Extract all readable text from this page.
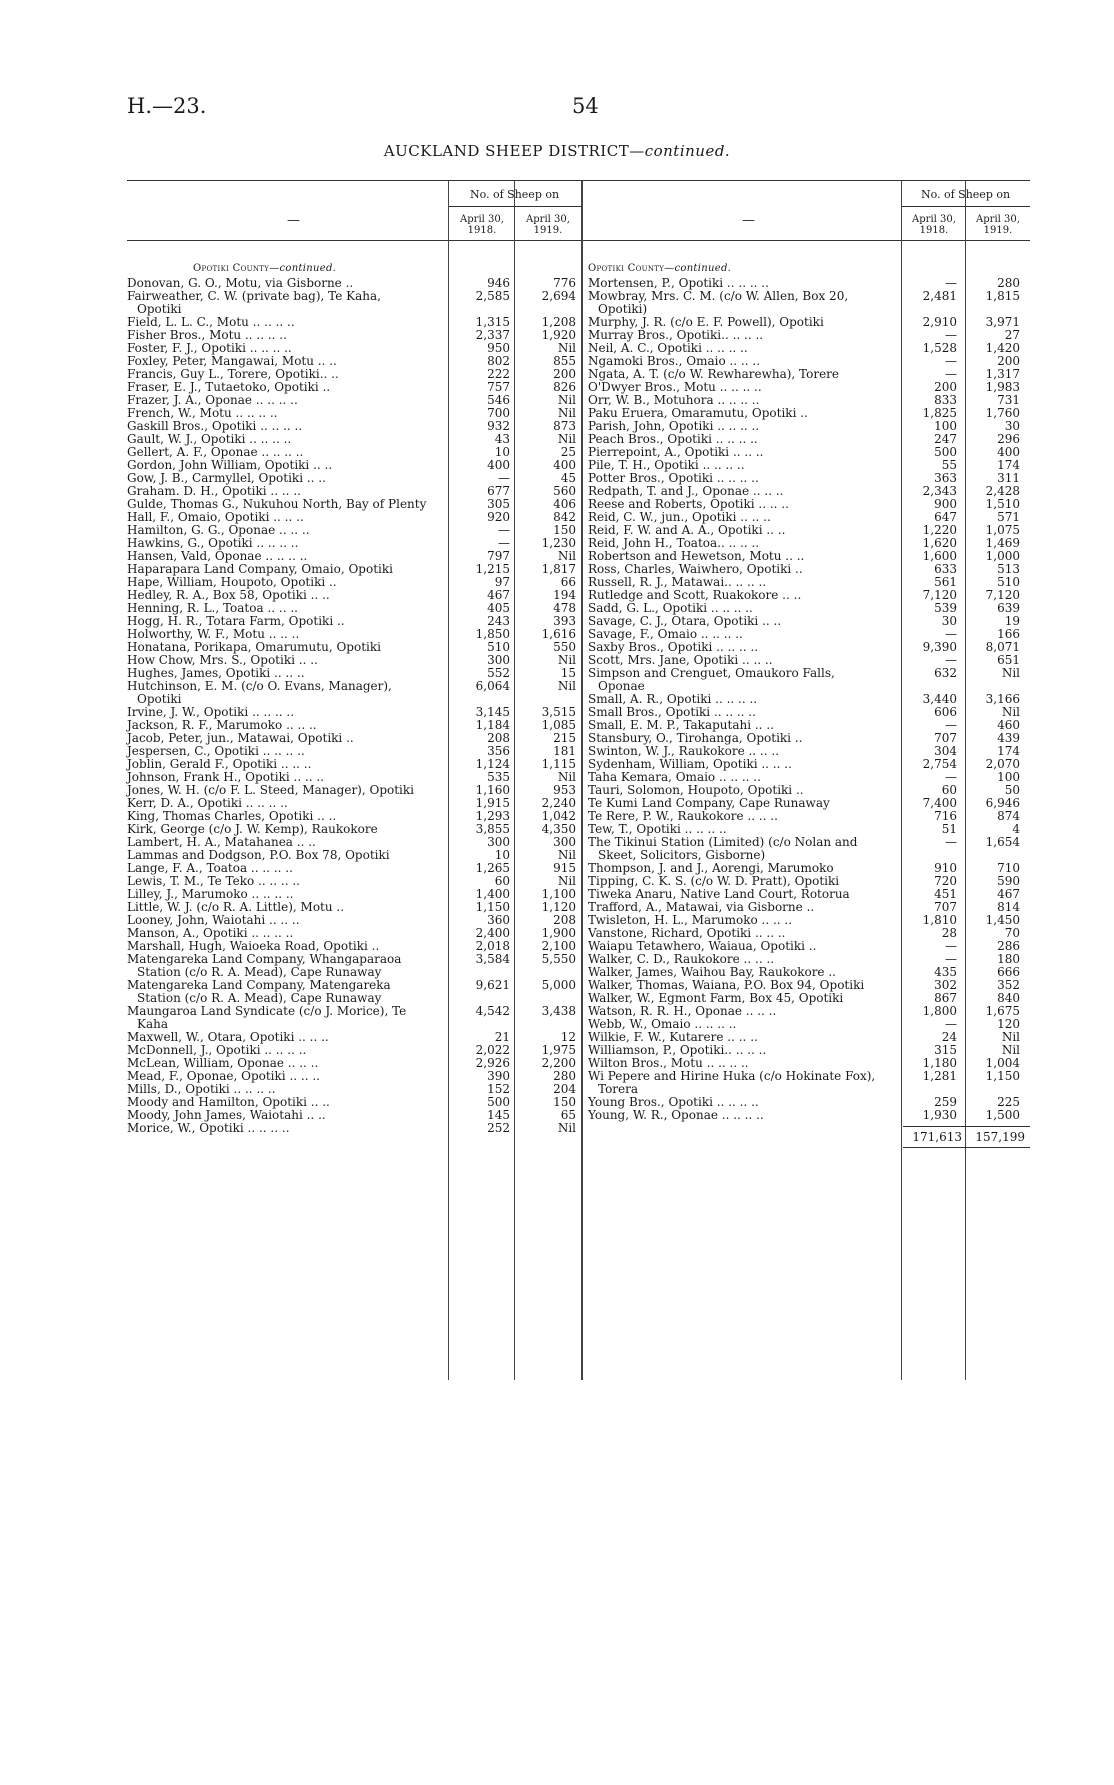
H.—23.	54
AUCKLAND SHEEP DISTRICT—continued.
—
No. of Sheep on
April 30, 1918.
April 30, 1919.
Opotiki County—continued.
Donovan, G. O., Motu, via Gisborne ..	946	776
Fairweather, C. W. (private bag), Te Kaha, Opotiki
2,585	2,694
Field, L. L. C., Motu .. .. .. ..	1,315	1,208
Fisher Bros., Motu .. .. .. ..	2,337	1,920
Foster, F. J., Opotiki .. .. .. ..	950	Nil
Foxley, Peter, Mangawai, Motu .. ..	802	855
Francis, Guy L., Torere, Opotiki.. ..	222	200
Fraser, E. J., Tutaetoko, Opotiki ..	757	826
Frazer, J. A., Oponae .. .. .. ..	546	Nil
French, W., Motu .. .. .. ..	700	Nil
Gaskill Bros., Opotiki .. .. .. ..	932	873
Gault, W. J., Opotiki .. .. .. ..	43	Nil
Gellert, A. F., Oponae .. .. .. ..	10	25
Gordon, John William, Opotiki .. ..	400	400
Gow, J. B., Carmyllel, Opotiki .. ..	—	45
Graham. D. H., Opotiki .. .. ..	677	560
Gulde, Thomas G., Nukuhou North, Bay of Plenty	305	406
Hall, F., Omaio, Opotiki .. .. ..	920	842
Hamilton, G. G., Oponae .. .. ..	—	150
Hawkins, G., Opotiki .. .. .. ..	—	1,230
Hansen, Vald, Oponae .. .. .. ..	797	Nil
Haparapara Land Company, Omaio, Opotiki	1,215	1,817
Hape, William, Houpoto, Opotiki ..	97	66
Hedley, R. A., Box 58, Opotiki .. ..	467	194
Henning, R. L., Toatoa .. .. ..	405	478
Hogg, H. R., Totara Farm, Opotiki ..	243	393
Holworthy, W. F., Motu .. .. ..	1,850	1,616
Honatana, Porikapa, Omarumutu, Opotiki	510	550
How Chow, Mrs. S., Opotiki .. ..	300	Nil
Hughes, James, Opotiki .. .. ..	552	15
Hutchinson, E. M. (c/o O. Evans, Manager), Opotiki
6,064	Nil
Irvine, J. W., Opotiki .. .. .. ..	3,145	3,515
Jackson, R. F., Marumoko .. .. ..	1,184	1,085
Jacob, Peter, jun., Matawai, Opotiki ..	208	215
Jespersen, C., Opotiki .. .. .. ..	356	181
Joblin, Gerald F., Opotiki .. .. ..	1,124	1,115
Johnson, Frank H., Opotiki .. .. ..	535	Nil
Jones, W. H. (c/o F. L. Steed, Manager), Opotiki	1,160	953
Kerr, D. A., Opotiki .. .. .. ..	1,915	2,240
King, Thomas Charles, Opotiki .. ..	1,293	1,042
Kirk, George (c/o J. W. Kemp), Raukokore	3,855	4,350
Lambert, H. A., Matahanea .. ..	300	300
Lammas and Dodgson, P.O. Box 78, Opotiki	10	Nil
Lange, F. A., Toatoa .. .. .. ..	1,265	915
Lewis, T. M., Te Teko .. .. .. ..	60	Nil
Lilley, J., Marumoko .. .. .. ..	1,400	1,100
Little, W. J. (c/o R. A. Little), Motu ..	1,150	1,120
Looney, John, Waiotahi .. .. ..	360	208
Manson, A., Opotiki .. .. .. ..	2,400	1,900
Marshall, Hugh, Waioeka Road, Opotiki ..	2,018	2,100
Matengareka Land Company, Whangaparaoa Station (c/o R. A. Mead), Cape Runaway
3,584	5,550
Matengareka Land Company, Matengareka Station (c/o R. A. Mead), Cape Runaway
9,621	5,000
Maungaroa Land Syndicate (c/o J. Morice), Te Kaha
4,542	3,438
Maxwell, W., Otara, Opotiki .. .. ..	21	12
McDonnell, J., Opotiki .. .. .. ..	2,022	1,975
McLean, William, Oponae .. .. ..	2,926	2,200
Mead, F., Oponae, Opotiki .. .. ..	390	280
Mills, D., Opotiki .. .. .. ..	152	204
Moody and Hamilton, Opotiki .. ..	500	150
Moody, John James, Waiotahi .. ..	145	65
Morice, W., Opotiki .. .. .. ..	252	Nil
—
No. of Sheep on
April 30, 1918.
April 30, 1919.
Opotiki County—continued.
Mortensen, P., Opotiki .. .. .. ..	—	280
Mowbray, Mrs. C. M. (c/o W. Allen, Box 20, Opotiki)
2,481	1,815
Murphy, J. R. (c/o E. F. Powell), Opotiki	2,910	3,971
Murray Bros., Opotiki.. .. .. ..	—	27
Neil, A. C., Opotiki .. .. .. ..	1,528	1,420
Ngamoki Bros., Omaio .. .. ..	—	200
Ngata, A. T. (c/o W. Rewharewha), Torere	—	1,317
O'Dwyer Bros., Motu .. .. .. ..	200	1,983
Orr, W. B., Motuhora .. .. .. ..	833	731
Paku Eruera, Omaramutu, Opotiki ..	1,825	1,760
Parish, John, Opotiki .. .. .. ..	100	30
Peach Bros., Opotiki .. .. .. ..	247	296
Pierrepoint, A., Opotiki .. .. ..	500	400
Pile, T. H., Opotiki .. .. .. ..	55	174
Potter Bros., Opotiki .. .. .. ..	363	311
Redpath, T. and J., Oponae .. .. ..	2,343	2,428
Reese and Roberts, Opotiki .. .. ..	900	1,510
Reid, C. W., jun., Opotiki .. .. ..	647	571
Reid, F. W. and A. A., Opotiki .. ..	1,220	1,075
Reid, John H., Toatoa.. .. .. ..	1,620	1,469
Robertson and Hewetson, Motu .. ..	1,600	1,000
Ross, Charles, Waiwhero, Opotiki ..	633	513
Russell, R. J., Matawai.. .. .. ..	561	510
Rutledge and Scott, Ruakokore .. ..	7,120	7,120
Sadd, G. L., Opotiki .. .. .. ..	539	639
Savage, C. J., Otara, Opotiki .. ..	30	19
Savage, F., Omaio .. .. .. ..	—	166
Saxby Bros., Opotiki .. .. .. ..	9,390	8,071
Scott, Mrs. Jane, Opotiki .. .. ..	—	651
Simpson and Crenguet, Omaukoro Falls, Oponae
632	Nil
Small, A. R., Opotiki .. .. .. ..	3,440	3,166
Small Bros., Opotiki .. .. .. ..	606	Nil
Small, E. M. P., Takaputahi .. ..	—	460
Stansbury, O., Tirohanga, Opotiki ..	707	439
Swinton, W. J., Raukokore .. .. ..	304	174
Sydenham, William, Opotiki .. .. ..	2,754	2,070
Taha Kemara, Omaio .. .. .. ..	—	100
Tauri, Solomon, Houpoto, Opotiki ..	60	50
Te Kumi Land Company, Cape Runaway	7,400	6,946
Te Rere, P. W., Raukokore .. .. ..	716	874
Tew, T., Opotiki .. .. .. ..	51	4
The Tikinui Station (Limited) (c/o Nolan and Skeet, Solicitors, Gisborne)
—	1,654
Thompson, J. and J., Aorengi, Marumoko	910	710
Tipping, C. K. S. (c/o W. D. Pratt), Opotiki	720	590
Tiweka Anaru, Native Land Court, Rotorua	451	467
Trafford, A., Matawai, via Gisborne ..	707	814
Twisleton, H. L., Marumoko .. .. ..	1,810	1,450
Vanstone, Richard, Opotiki .. .. ..	28	70
Waiapu Tetawhero, Waiaua, Opotiki ..	—	286
Walker, C. D., Raukokore .. .. ..	—	180
Walker, James, Waihou Bay, Raukokore ..	435	666
Walker, Thomas, Waiana, P.O. Box 94, Opotiki	302	352
Walker, W., Egmont Farm, Box 45, Opotiki	867	840
Watson, R. R. H., Oponae .. .. ..	1,800	1,675
Webb, W., Omaio .. .. .. ..	—	120
Wilkie, F. W., Kutarere .. .. ..	24	Nil
Williamson, P., Opotiki.. .. .. ..	315	Nil
Wilton Bros., Motu .. .. .. ..	1,180	1,004
Wi Pepere and Hirine Huka (c/o Hokinate Fox), Torera
1,281	1,150
Young Bros., Opotiki .. .. .. ..	259	225
Young, W. R., Oponae .. .. .. ..	1,930	1,500
171,613	157,199
